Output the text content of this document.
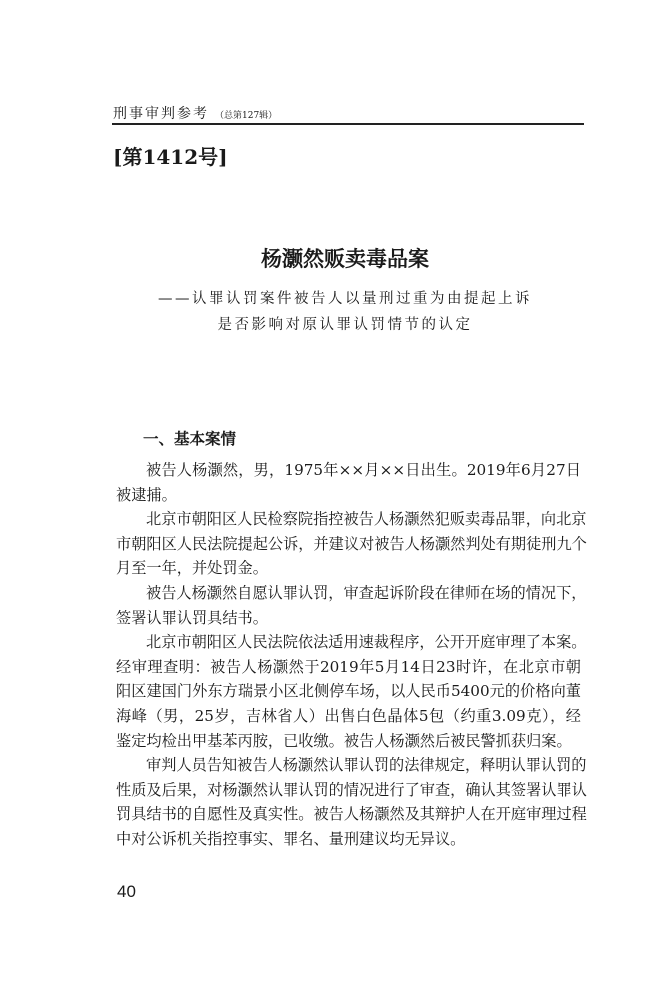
刑事审判参考 （总第127辑）
[第1412号]
杨灏然贩卖毒品案
——认罪认罚案件被告人以量刑过重为由提起上诉
是否影响对原认罪认罚情节的认定
一、基本案情
被告人杨灏然，男，1975年××月××日出生。2019年6月27日
被逮捕。
北京市朝阳区人民检察院指控被告人杨灏然犯贩卖毒品罪，向北京
市朝阳区人民法院提起公诉，并建议对被告人杨灏然判处有期徒刑九个
月至一年，并处罚金。
被告人杨灏然自愿认罪认罚，审查起诉阶段在律师在场的情况下，
签署认罪认罚具结书。
北京市朝阳区人民法院依法适用速裁程序，公开开庭审理了本案。
经审理查明：被告人杨灏然于2019年5月14日23时许，在北京市朝
阳区建国门外东方瑞景小区北侧停车场，以人民币5400元的价格向董
海峰（男，25岁，吉林省人）出售白色晶体5包（约重3.09克），经
鉴定均检出甲基苯丙胺，已收缴。被告人杨灏然后被民警抓获归案。
审判人员告知被告人杨灏然认罪认罚的法律规定，释明认罪认罚的
性质及后果，对杨灏然认罪认罚的情况进行了审查，确认其签署认罪认
罚具结书的自愿性及真实性。被告人杨灏然及其辩护人在开庭审理过程
中对公诉机关指控事实、罪名、量刑建议均无异议。
40
